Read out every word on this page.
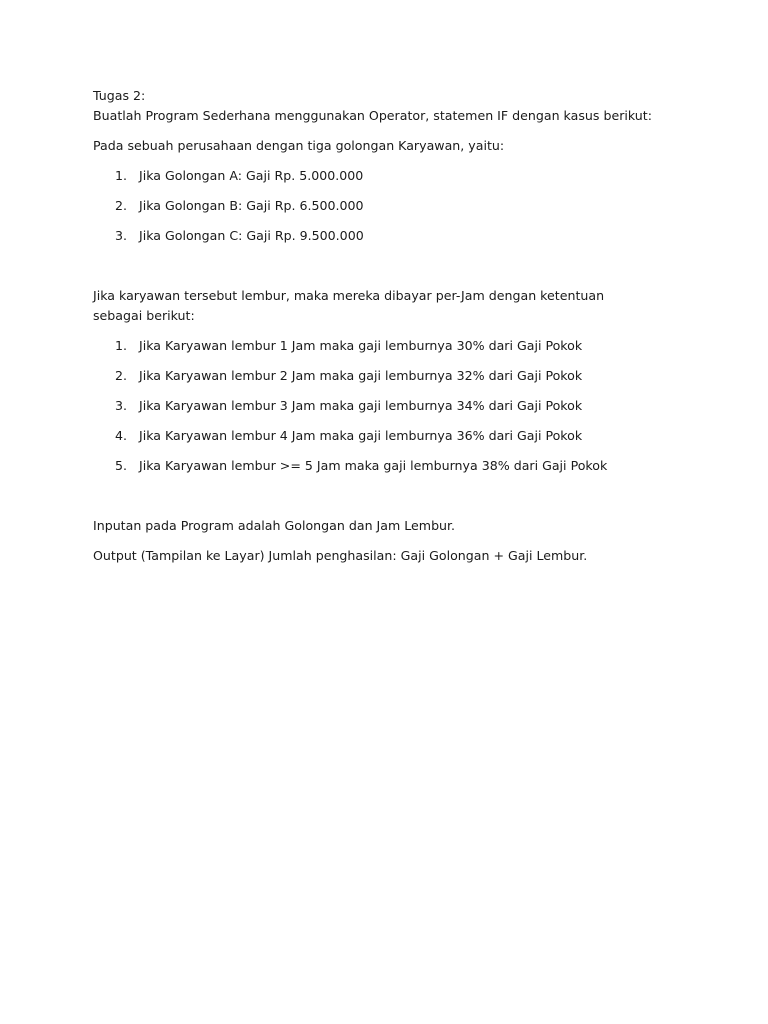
Tugas 2:
Buatlah Program Sederhana menggunakan Operator, statemen IF dengan kasus berikut:
Pada sebuah perusahaan dengan tiga golongan Karyawan, yaitu:
1. Jika Golongan A: Gaji Rp. 5.000.000
2. Jika Golongan B: Gaji Rp. 6.500.000
3. Jika Golongan C: Gaji Rp. 9.500.000
Jika karyawan tersebut lembur, maka mereka dibayar per-Jam dengan ketentuan sebagai berikut:
1. Jika Karyawan lembur 1 Jam maka gaji lemburnya 30% dari Gaji Pokok
2. Jika Karyawan lembur 2 Jam maka gaji lemburnya 32% dari Gaji Pokok
3. Jika Karyawan lembur 3 Jam maka gaji lemburnya 34% dari Gaji Pokok
4. Jika Karyawan lembur 4 Jam maka gaji lemburnya 36% dari Gaji Pokok
5. Jika Karyawan lembur >= 5 Jam maka gaji lemburnya 38% dari Gaji Pokok
Inputan pada Program adalah Golongan dan Jam Lembur.
Output (Tampilan ke Layar) Jumlah penghasilan: Gaji Golongan + Gaji Lembur.
